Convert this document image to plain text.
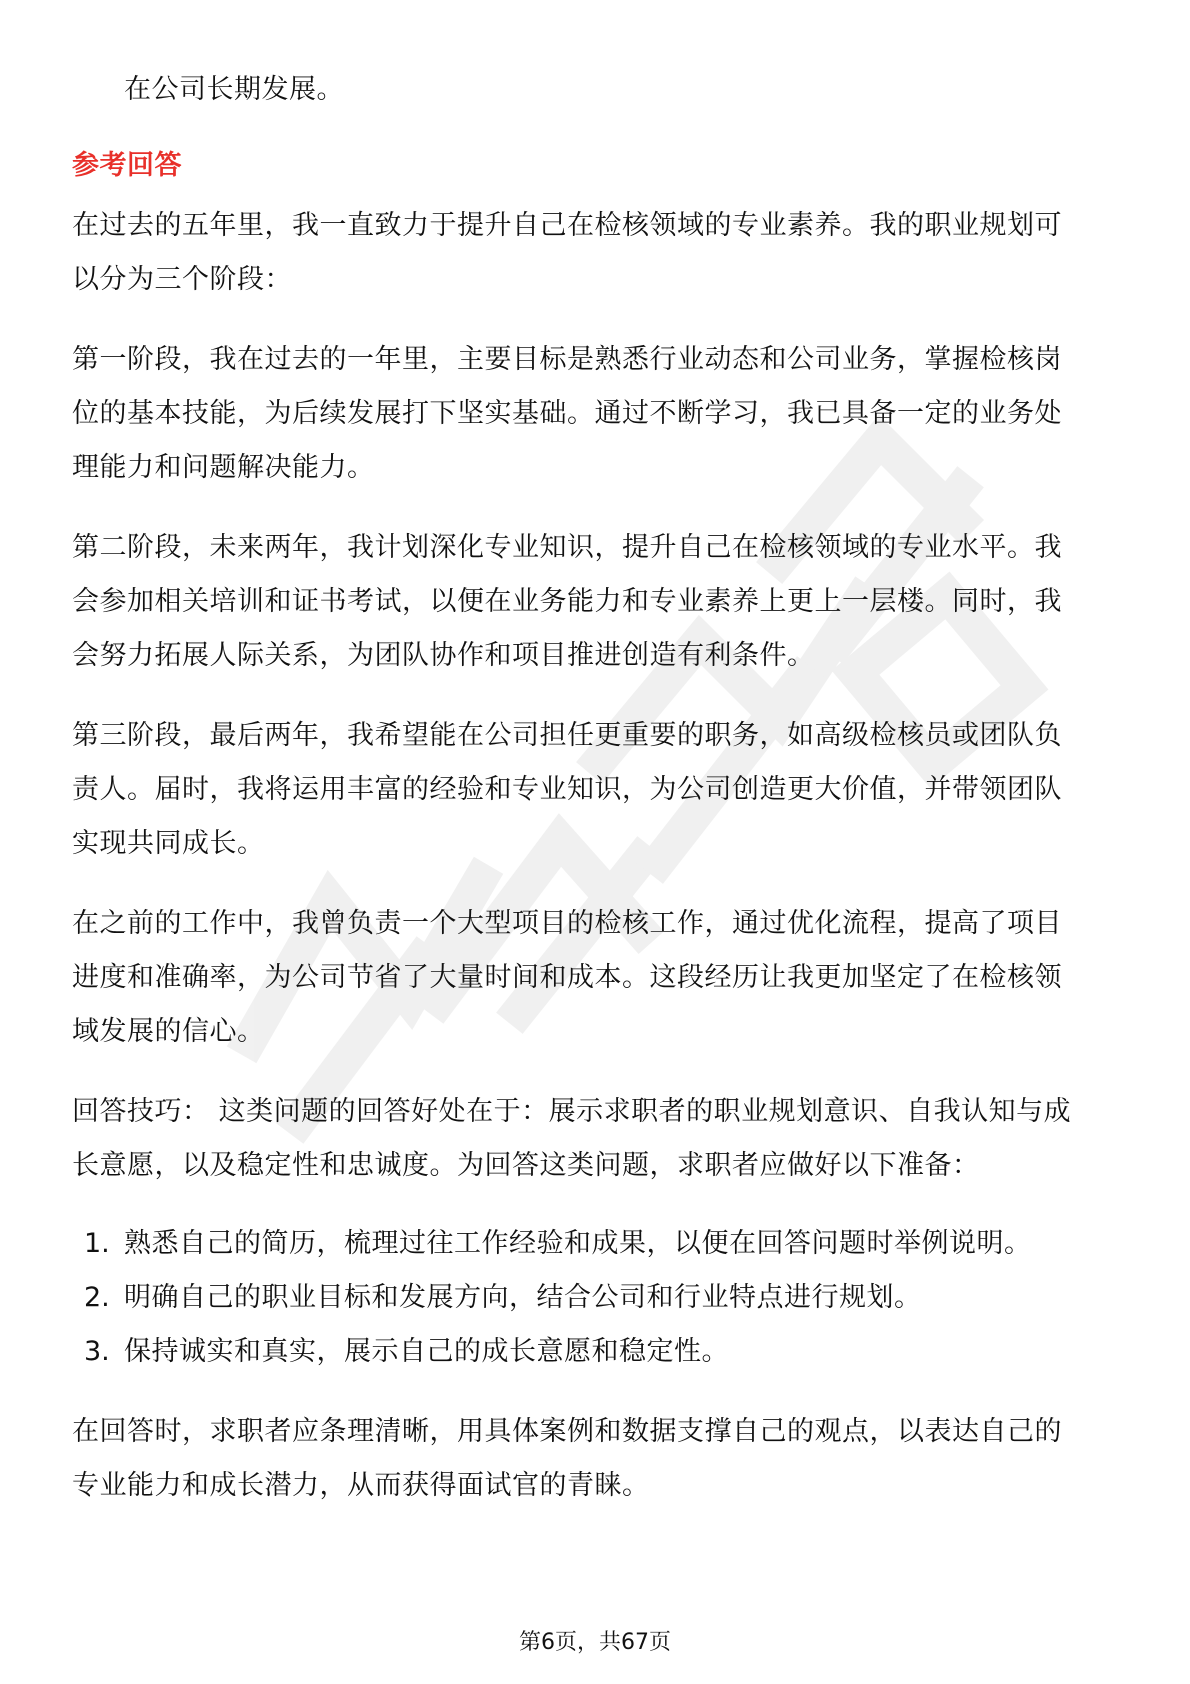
在公司长期发展。
参考回答
在过去的五年里，我一直致力于提升自己在检核领域的专业素养。我的职业规划可
以分为三个阶段：
第一阶段，我在过去的一年里，主要目标是熟悉行业动态和公司业务，掌握检核岗
位的基本技能，为后续发展打下坚实基础。通过不断学习，我已具备一定的业务处
理能力和问题解决能力。
第二阶段，未来两年，我计划深化专业知识，提升自己在检核领域的专业水平。我
会参加相关培训和证书考试，以便在业务能力和专业素养上更上一层楼。同时，我
会努力拓展人际关系，为团队协作和项目推进创造有利条件。
第三阶段，最后两年，我希望能在公司担任更重要的职务，如高级检核员或团队负
责人。届时，我将运用丰富的经验和专业知识，为公司创造更大价值，并带领团队
实现共同成长。
在之前的工作中，我曾负责一个大型项目的检核工作，通过优化流程，提高了项目
进度和准确率，为公司节省了大量时间和成本。这段经历让我更加坚定了在检核领
域发展的信心。
回答技巧： 这类问题的回答好处在于：展示求职者的职业规划意识、自我认知与成
长意愿，以及稳定性和忠诚度。为回答这类问题，求职者应做好以下准备：
1. 熟悉自己的简历，梳理过往工作经验和成果，以便在回答问题时举例说明。
2. 明确自己的职业目标和发展方向，结合公司和行业特点进行规划。
3. 保持诚实和真实，展示自己的成长意愿和稳定性。
在回答时，求职者应条理清晰，用具体案例和数据支撑自己的观点，以表达自己的
专业能力和成长潜力，从而获得面试官的青睐。
第6页，共67页
